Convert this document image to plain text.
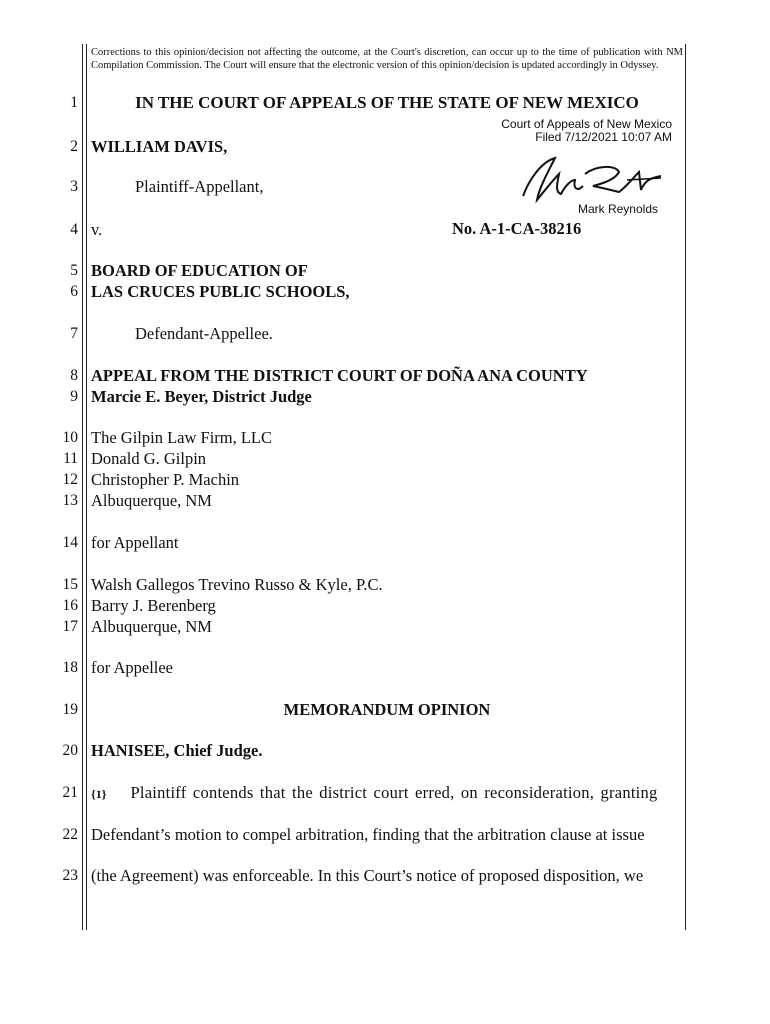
Corrections to this opinion/decision not affecting the outcome, at the Court's discretion, can occur up to the time of publication with NM Compilation Commission. The Court will ensure that the electronic version of this opinion/decision is updated accordingly in Odyssey.
1	IN THE COURT OF APPEALS OF THE STATE OF NEW MEXICO
Court of Appeals of New Mexico
Filed 7/12/2021 10:07 AM
Mark Reynolds
2 WILLIAM DAVIS,
3	Plaintiff-Appellant,
4 v.	No. A-1-CA-38216
5 BOARD OF EDUCATION OF
6 LAS CRUCES PUBLIC SCHOOLS,
7	Defendant-Appellee.
8 APPEAL FROM THE DISTRICT COURT OF DOÑA ANA COUNTY
9 Marcie E. Beyer, District Judge
10 The Gilpin Law Firm, LLC
11 Donald G. Gilpin
12 Christopher P. Machin
13 Albuquerque, NM
14 for Appellant
15 Walsh Gallegos Trevino Russo & Kyle, P.C.
16 Barry J. Berenberg
17 Albuquerque, NM
18 for Appellee
19	MEMORANDUM OPINION
20 HANISEE, Chief Judge.
21 {1} Plaintiff contends that the district court erred, on reconsideration, granting
22 Defendant’s motion to compel arbitration, finding that the arbitration clause at issue
23 (the Agreement) was enforceable. In this Court’s notice of proposed disposition, we
